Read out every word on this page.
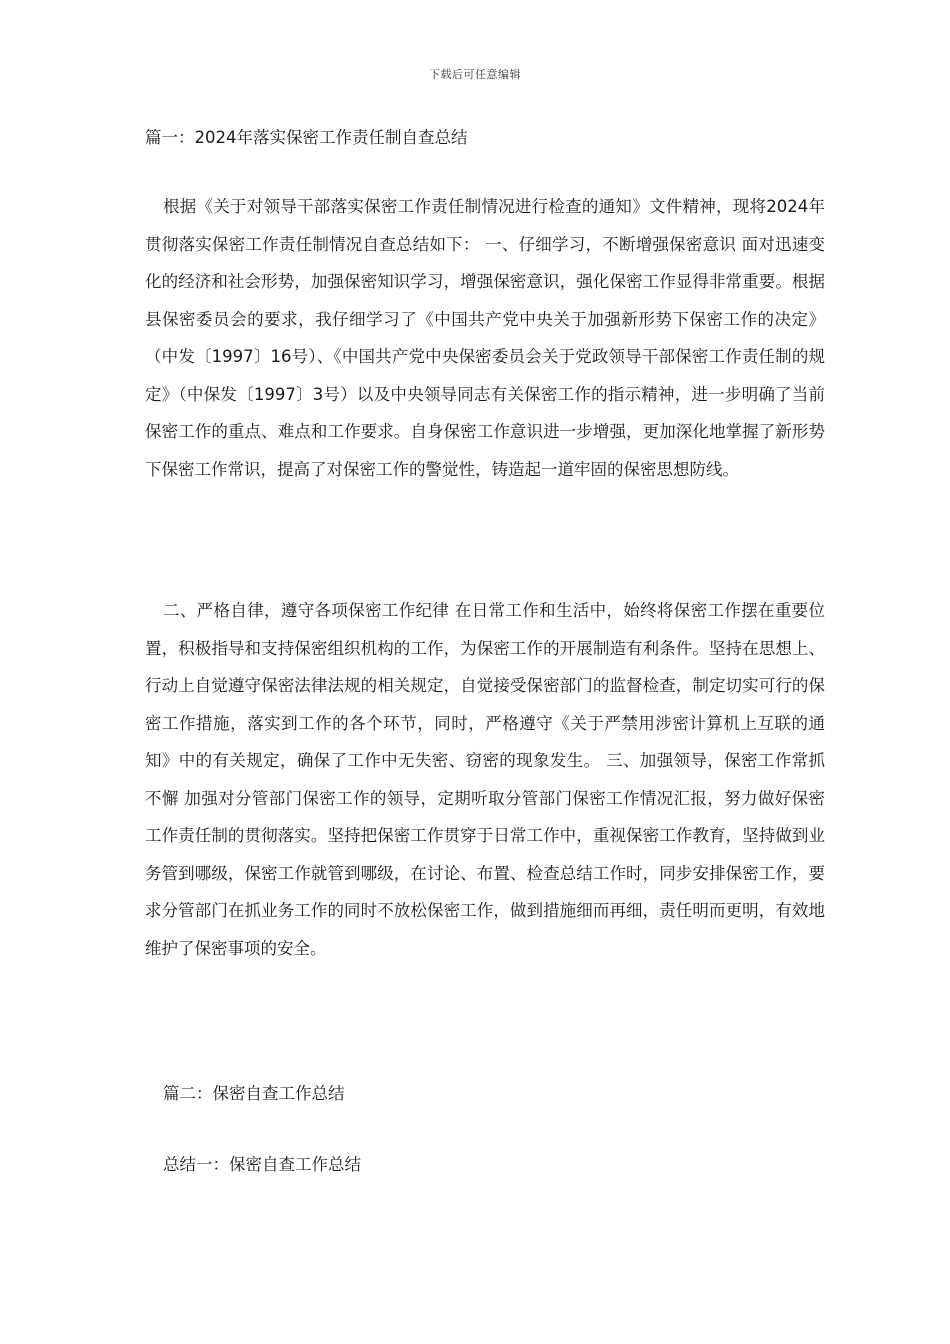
下载后可任意编辑
篇一：2024年落实保密工作责任制自查总结

根据《关于对领导干部落实保密工作责任制情况进行检查的通知》文件精神，现将2024年贯彻落实保密工作责任制情况自查总结如下： 一、仔细学习，不断增强保密意识 面对迅速变化的经济和社会形势，加强保密知识学习，增强保密意识，强化保密工作显得非常重要。根据县保密委员会的要求，我仔细学习了《中国共产党中央关于加强新形势下保密工作的决定》（中发〔1997〕16号）、《中国共产党中央保密委员会关于党政领导干部保密工作责任制的规定》（中保发〔1997〕3号）以及中央领导同志有关保密工作的指示精神，进一步明确了当前保密工作的重点、难点和工作要求。自身保密工作意识进一步增强，更加深化地掌握了新形势下保密工作常识，提高了对保密工作的警觉性，铸造起一道牢固的保密思想防线。

二、严格自律，遵守各项保密工作纪律 在日常工作和生活中，始终将保密工作摆在重要位置，积极指导和支持保密组织机构的工作，为保密工作的开展制造有利条件。坚持在思想上、行动上自觉遵守保密法律法规的相关规定，自觉接受保密部门的监督检查，制定切实可行的保密工作措施，落实到工作的各个环节，同时，严格遵守《关于严禁用涉密计算机上互联的通知》中的有关规定，确保了工作中无失密、窃密的现象发生。 三、加强领导，保密工作常抓不懈 加强对分管部门保密工作的领导，定期听取分管部门保密工作情况汇报，努力做好保密工作责任制的贯彻落实。坚持把保密工作贯穿于日常工作中，重视保密工作教育，坚持做到业务管到哪级，保密工作就管到哪级，在讨论、布置、检查总结工作时，同步安排保密工作，要求分管部门在抓业务工作的同时不放松保密工作，做到措施细而再细，责任明而更明，有效地维护了保密事项的安全。

篇二：保密自查工作总结
总结一：保密自查工作总结
